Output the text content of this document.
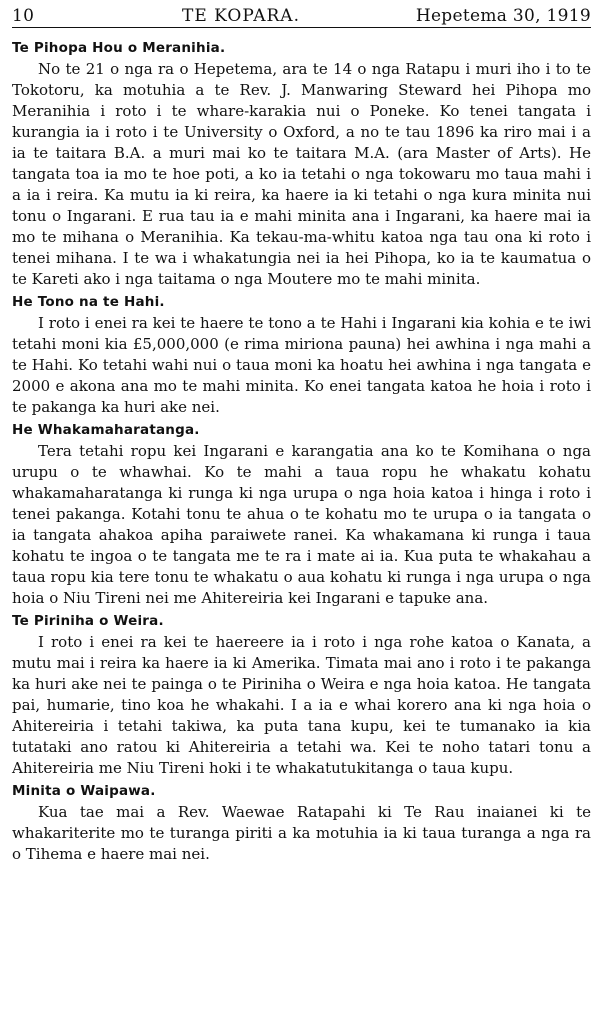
10	TE KOPARA.	Hepetema 30, 1919
Te Pihopa Hou o Meranihia.

No te 21 o nga ra o Hepetema, ara te 14 o nga Ratapu i muri iho i to te Tokotoru, ka motuhia a te Rev. J. Manwaring Steward hei Pihopa mo Meranihia i roto i te whare-karakia nui o Poneke. Ko tenei tangata i kurangia ia i roto i te University o Oxford, a no te tau 1896 ka riro mai i a ia te taitara B.A. a muri mai ko te taitara M.A. (ara Master of Arts). He tangata toa ia mo te hoe poti, a ko ia tetahi o nga tokowaru mo taua mahi i a ia i reira. Ka mutu ia ki reira, ka haere ia ki tetahi o nga kura minita nui tonu o Ingarani. E rua tau ia e mahi minita ana i Ingarani, ka haere mai ia mo te mihana o Meranihia. Ka tekau-ma-whitu katoa nga tau ona ki roto i tenei mihana. I te wa i whakatungia nei ia hei Pihopa, ko ia te kaumatua o te Kareti ako i nga taitama o nga Moutere mo te mahi minita.

He Tono na te Hahi.

I roto i enei ra kei te haere te tono a te Hahi i Ingarani kia kohia e te iwi tetahi moni kia £5,000,000 (e rima miriona pauna) hei awhina i nga mahi a te Hahi. Ko tetahi wahi nui o taua moni ka hoatu hei awhina i nga tangata e 2000 e akona ana mo te mahi minita. Ko enei tangata katoa he hoia i roto i te pakanga ka huri ake nei.

He Whakamaharatanga.

Tera tetahi ropu kei Ingarani e karangatia ana ko te Komihana o nga urupu o te whawhai. Ko te mahi a taua ropu he whakatu kohatu whakamaharatanga ki runga ki nga urupa o nga hoia katoa i hinga i roto i tenei pakanga. Kotahi tonu te ahua o te kohatu mo te urupa o ia tangata o ia tangata ahakoa apiha paraiwete ranei. Ka whakamana ki runga i taua kohatu te ingoa o te tangata me te ra i mate ai ia. Kua puta te whakahau a taua ropu kia tere tonu te whakatu o aua kohatu ki runga i nga urupa o nga hoia o Niu Tireni nei me Ahitereiria kei Ingarani e tapuke ana.

Te Piriniha o Weira.

I roto i enei ra kei te haereere ia i roto i nga rohe katoa o Kanata, a mutu mai i reira ka haere ia ki Amerika. Timata mai ano i roto i te pakanga ka huri ake nei te painga o te Piriniha o Weira e nga hoia katoa. He tangata pai, humarie, tino koa he whakahi. I a ia e whai korero ana ki nga hoia o Ahitereiria i tetahi takiwa, ka puta tana kupu, kei te tumanako ia kia tutataki ano ratou ki Ahitereiria a tetahi wa. Kei te noho tatari tonu a Ahitereiria me Niu Tireni hoki i te whakatutukitanga o taua kupu.

Minita o Waipawa.

Kua tae mai a Rev. Waewae Ratapahi ki Te Rau inaianei ki te whakariterite mo te turanga piriti a ka motuhia ia ki taua turanga a nga ra o Tihema e haere mai nei.
